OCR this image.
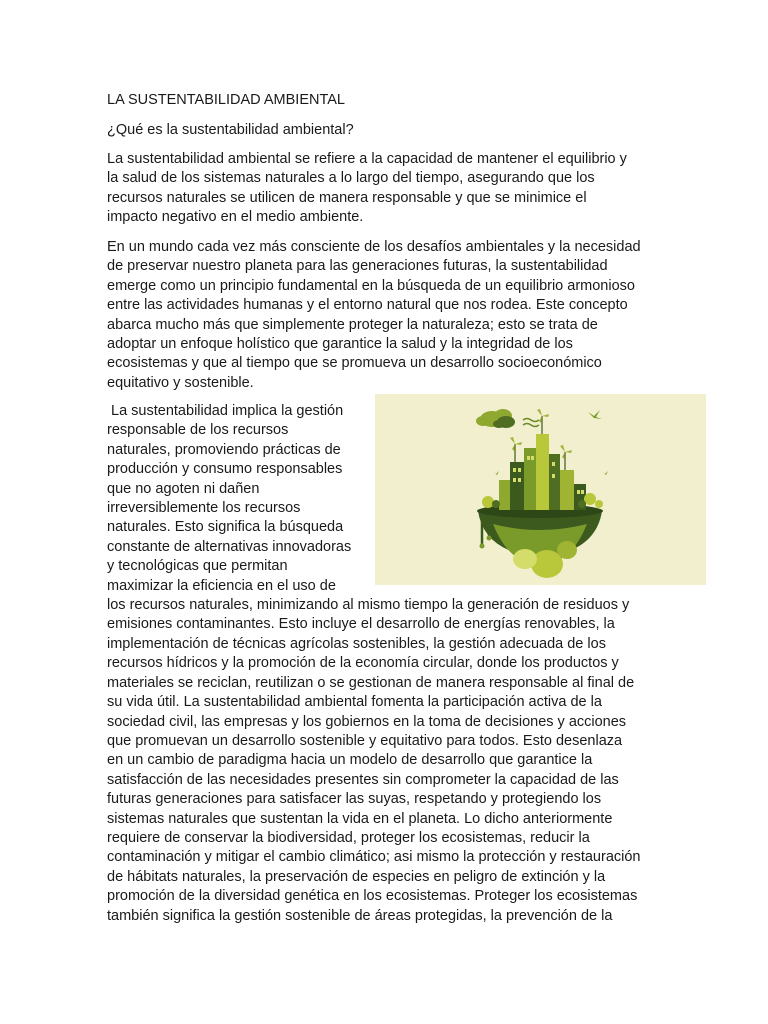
LA SUSTENTABILIDAD AMBIENTAL
¿Qué es la sustentabilidad ambiental?
La sustentabilidad ambiental se refiere a la capacidad de mantener el equilibrio y
la salud de los sistemas naturales a lo largo del tiempo, asegurando que los
recursos naturales se utilicen de manera responsable y que se minimice el
impacto negativo en el medio ambiente.
En un mundo cada vez más consciente de los desafíos ambientales y la necesidad
de preservar nuestro planeta para las generaciones futuras, la sustentabilidad
emerge como un principio fundamental en la búsqueda de un equilibrio armonioso
entre las actividades humanas y el entorno natural que nos rodea. Este concepto
abarca mucho más que simplemente proteger la naturaleza; esto se trata de
adoptar un enfoque holístico que garantice la salud y la integridad de los
ecosistemas y que al tiempo que se promueva un desarrollo socioeconómico
equitativo y sostenible.
La sustentabilidad implica la gestión
responsable de los recursos
naturales, promoviendo prácticas de
producción y consumo responsables
que no agoten ni dañen
irreversiblemente los recursos
naturales. Esto significa la búsqueda
constante de alternativas innovadoras
y tecnológicas que permitan
maximizar la eficiencia en el uso de
los recursos naturales, minimizando al mismo tiempo la generación de residuos y
emisiones contaminantes. Esto incluye el desarrollo de energías renovables, la
implementación de técnicas agrícolas sostenibles, la gestión adecuada de los
recursos hídricos y la promoción de la economía circular, donde los productos y
materiales se reciclan, reutilizan o se gestionan de manera responsable al final de
su vida útil. La sustentabilidad ambiental fomenta la participación activa de la
sociedad civil, las empresas y los gobiernos en la toma de decisiones y acciones
que promuevan un desarrollo sostenible y equitativo para todos. Esto desenlaza
en un cambio de paradigma hacia un modelo de desarrollo que garantice la
satisfacción de las necesidades presentes sin comprometer la capacidad de las
futuras generaciones para satisfacer las suyas, respetando y protegiendo los
sistemas naturales que sustentan la vida en el planeta. Lo dicho anteriormente
requiere de conservar la biodiversidad, proteger los ecosistemas, reducir la
contaminación y mitigar el cambio climático; asi mismo la protección y restauración
de hábitats naturales, la preservación de especies en peligro de extinción y la
promoción de la diversidad genética en los ecosistemas. Proteger los ecosistemas
también significa la gestión sostenible de áreas protegidas, la prevención de la
